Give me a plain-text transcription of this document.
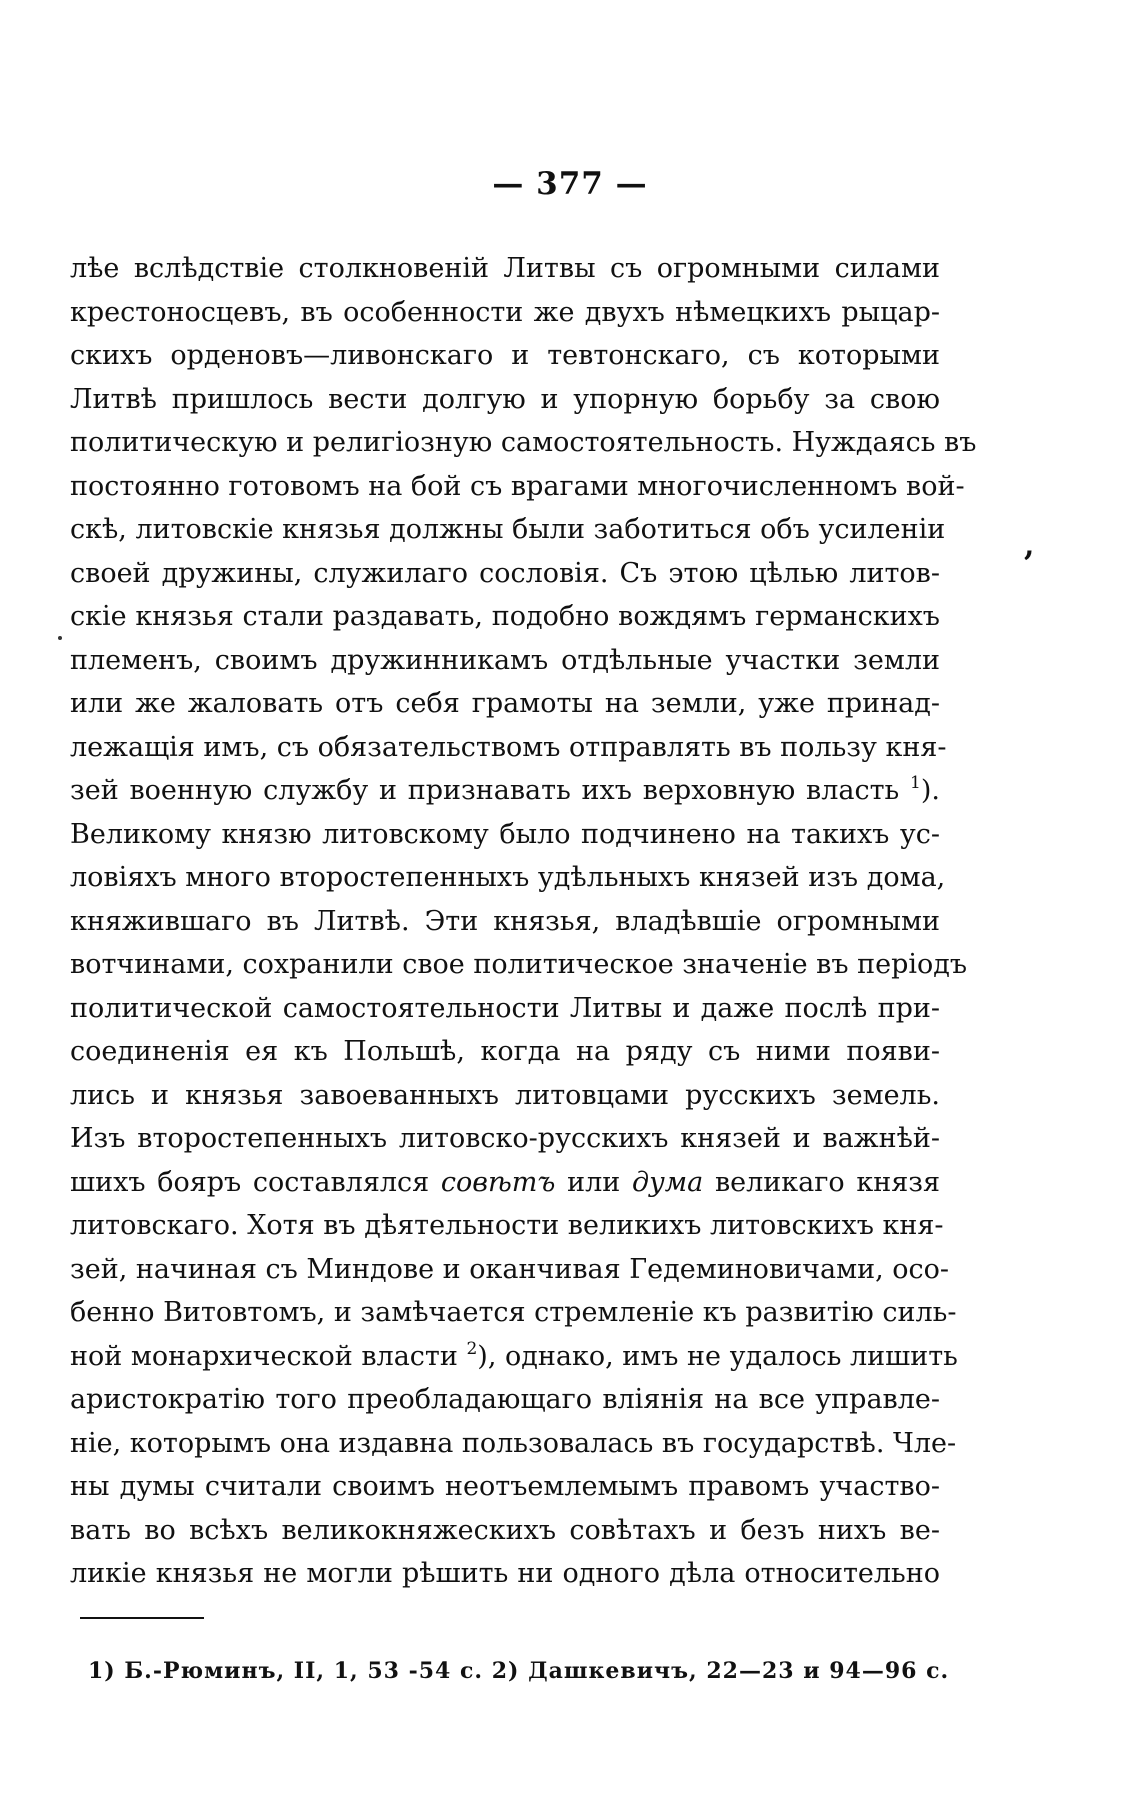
— 377 —
,
лѣе вслѣдствіе столкновеній Литвы съ огромными силами
крестоносцевъ, въ особенности же двухъ нѣмецкихъ рыцар-
скихъ орденовъ—ливонскаго и тевтонскаго, съ которыми
Литвѣ пришлось вести долгую и упорную борьбу за свою
политическую и религіозную самостоятельность. Нуждаясь въ
постоянно готовомъ на бой съ врагами многочисленномъ вой-
скѣ, литовскіе князья должны были заботиться объ усиленіи
своей дружины, служилаго сословія. Съ этою цѣлью литов-
скіе князья стали раздавать, подобно вождямъ германскихъ
племенъ, своимъ дружинникамъ отдѣльные участки земли
или же жаловать отъ себя грамоты на земли, уже принад-
лежащія имъ, съ обязательствомъ отправлять въ пользу кня-
зей военную службу и признавать ихъ верховную власть $^1$).
Великому князю литовскому было подчинено на такихъ ус-
ловіяхъ много второстепенныхъ удѣльныхъ князей изъ дома,
княжившаго въ Литвѣ. Эти князья, владѣвшіе огромными
вотчинами, сохранили свое политическое значеніе въ періодъ
политической самостоятельности Литвы и даже послѣ при-
соединенія ея къ Польшѣ, когда на ряду съ ними появи-
лись и князья завоеванныхъ литовцами русскихъ земель.
Изъ второстепенныхъ литовско-русскихъ князей и важнѣй-
шихъ бояръ составлялся совѣтъ или дума великаго князя
литовскаго. Хотя въ дѣятельности великихъ литовскихъ кня-
зей, начиная съ Миндове и оканчивая Гедеминовичами, осо-
бенно Витовтомъ, и замѣчается стремленіе къ развитію силь-
ной монархической власти $^2$), однако, имъ не удалось лишить
аристократію того преобладающаго вліянія на все управле-
ніе, которымъ она издавна пользовалась въ государствѣ. Чле-
ны думы считали своимъ неотъемлемымъ правомъ участво-
вать во всѣхъ великокняжескихъ совѣтахъ и безъ нихъ ве-
ликіе князья не могли рѣшить ни одного дѣла относительно
1) Б.-Рюминъ, II, 1, 53 -54 с. 2) Дашкевичъ, 22—23 и 94—96 с.
